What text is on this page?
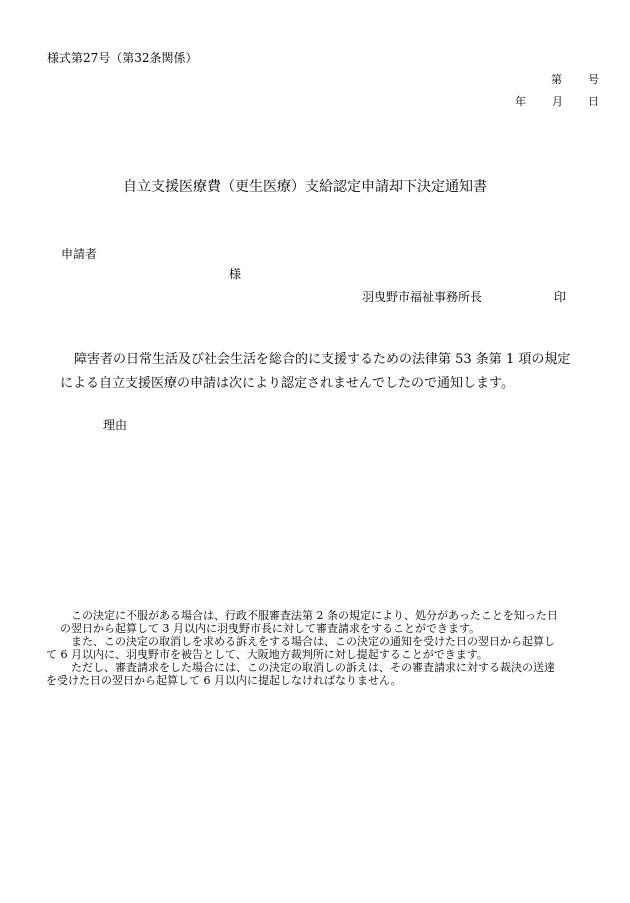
様式第27号（第32条関係）
第 号
年 月 日
自立支援医療費（更生医療）支給認定申請却下決定通知書
申請者
様
羽曳野市福祉事務所長	印
障害者の日常生活及び社会生活を総合的に支援するための法律第 53 条第 1 項の規定
による自立支援医療の申請は次により認定されませんでしたので通知します。
理由

　この決定に不服がある場合は、行政不服審査法第 2 条の規定により、処分があったことを知った日

の翌日から起算して 3 月以内に羽曳野市長に対して審査請求をすることができます。

　また、この決定の取消しを求める訴えをする場合は、この決定の通知を受けた日の翌日から起算し

て 6 月以内に、羽曳野市を被告として、大阪地方裁判所に対し提起することができます。

　ただし、審査請求をした場合には、この決定の取消しの訴えは、その審査請求に対する裁決の送達

を受けた日の翌日から起算して 6 月以内に提起しなければなりません。
